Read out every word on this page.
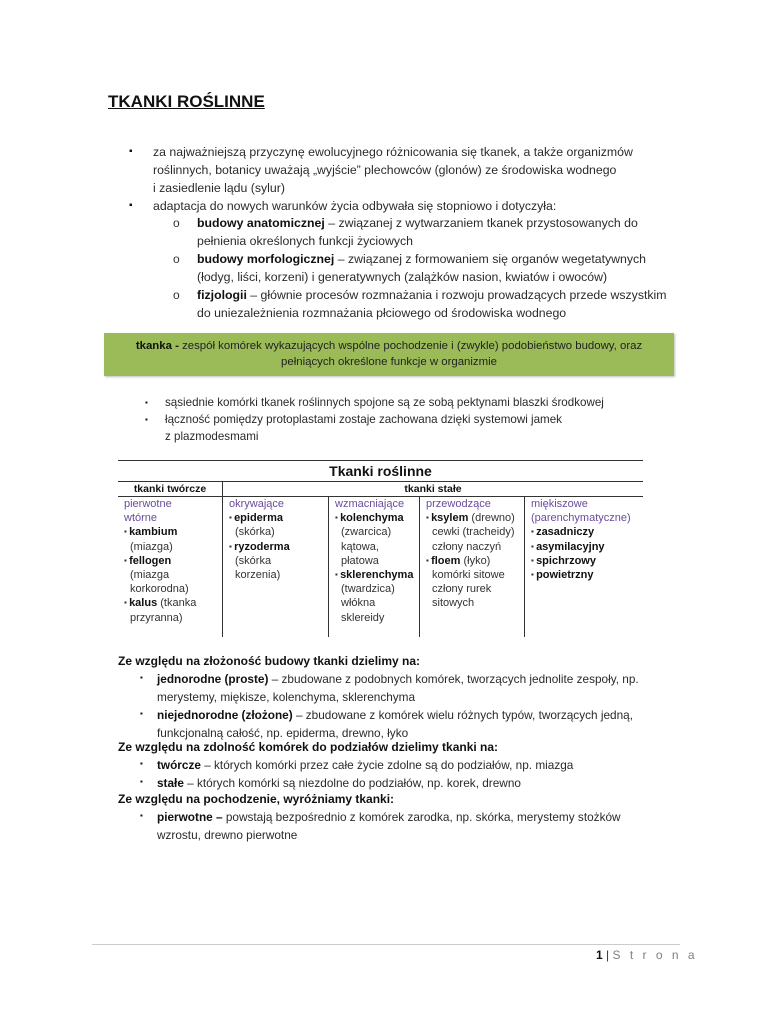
TKANKI ROŚLINNE
▪ za najważniejszą przyczynę ewolucyjnego różnicowania się tkanek, a także organizmów
roślinnych, botanicy uważają „wyjście” plechowców (glonów) ze środowiska wodnego
i zasiedlenie lądu (sylur)
▪ adaptacja do nowych warunków życia odbywała się stopniowo i dotyczyła:
o budowy anatomicznej – związanej z wytwarzaniem tkanek przystosowanych do
pełnienia określonych funkcji życiowych
o budowy morfologicznej – związanej z formowaniem się organów wegetatywnych
(łodyg, liści, korzeni) i generatywnych (zalążków nasion, kwiatów i owoców)
o fizjologii – głównie procesów rozmnażania i rozwoju prowadzących przede wszystkim
do uniezależnienia rozmnażania płciowego od środowiska wodnego
tkanka - zespół komórek wykazujących wspólne pochodzenie i (zwykle) podobieństwo budowy, oraz
pełniących określone funkcje w organizmie
▪ sąsiednie komórki tkanek roślinnych spojone są ze sobą pektynami blaszki środkowej
▪ łączność pomiędzy protoplastami zostaje zachowana dzięki systemowi jamek
z plazmodesmami
Tkanki roślinne
tkanki twórcze	tkanki stałe
pierwotne
wtórne
▪ kambium
(miazga)
▪ fellogen
(miazga
korkorodna)
▪ kalus (tkanka
przyranna)
okrywające
▪ epiderma
(skórka)
▪ ryzoderma
(skórka
korzenia)
wzmacniające
▪ kolenchyma
(zwarcica)
kątowa,
płatowa
▪ sklerenchyma
(twardzica)
włókna
sklereidy
przewodzące
▪ ksylem (drewno)
cewki (tracheidy)
człony naczyń
▪ floem (łyko)
komórki sitowe
człony rurek
sitowych
miękiszowe
(parenchymatyczne)
▪ zasadniczy
▪ asymilacyjny
▪ spichrzowy
▪ powietrzny
Ze względu na złożoność budowy tkanki dzielimy na:
▪ jednorodne (proste) – zbudowane z podobnych komórek, tworzących jednolite zespoły, np.
merystemy, miękisze, kolenchyma, sklerenchyma
▪ niejednorodne (złożone) – zbudowane z komórek wielu różnych typów, tworzących jedną,
funkcjonalną całość, np. epiderma, drewno, łyko
Ze względu na zdolność komórek do podziałów dzielimy tkanki na:
▪ twórcze – których komórki przez całe życie zdolne są do podziałów, np. miazga
▪ stałe – których komórki są niezdolne do podziałów, np. korek, drewno
Ze względu na pochodzenie, wyróżniamy tkanki:
▪ pierwotne – powstają bezpośrednio z komórek zarodka, np. skórka, merystemy stożków
wzrostu, drewno pierwotne
1 | S t r o n a
